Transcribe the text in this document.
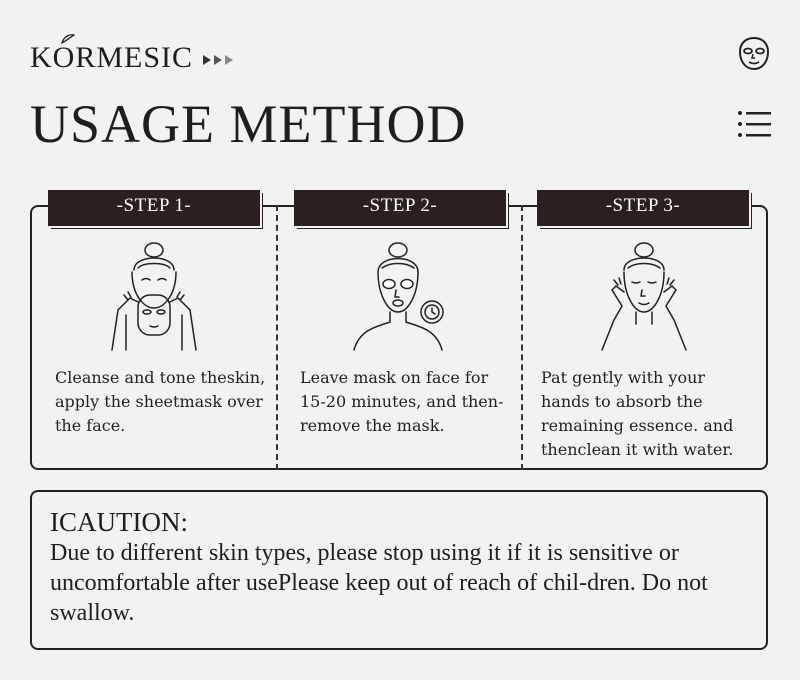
KORMESIC
USAGE METHOD
-STEP 1-	-STEP 2-	-STEP 3-
Cleanse and tone theskin, apply the sheetmask over the face.
Leave mask on face for 15-20 minutes, and then-remove the mask.
Pat gently with your hands to absorb the remaining essence. and thenclean it with water.
ICAUTION:
Due to different skin types, please stop using it if it is sensitive or uncomfortable after usePlease keep out of reach of chil-dren. Do not swallow.
